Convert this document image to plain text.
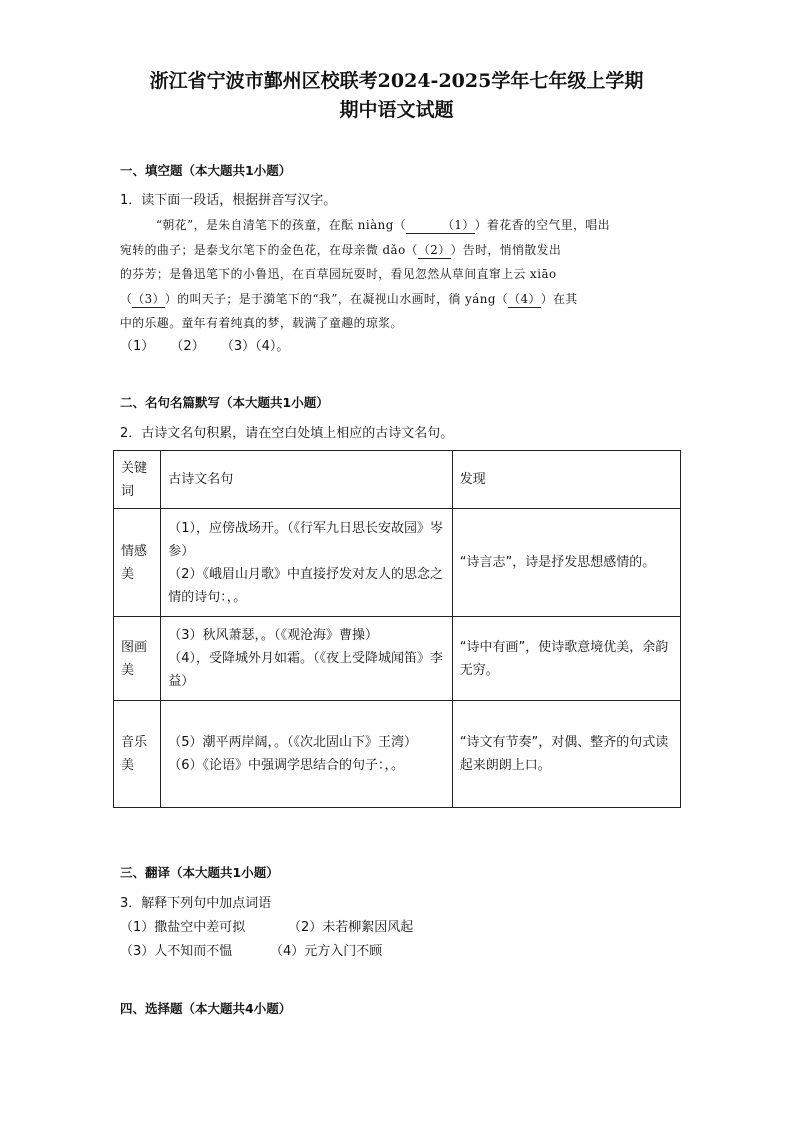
浙江省宁波市鄞州区校联考2024-2025学年七年级上学期
期中语文试题
一、填空题（本大题共1小题）
1．读下面一段话，根据拼音写汉字。

“朝花”，是朱自清笔下的孩童，在酝 niàng（	（1））着花香的空气里，唱出

宛转的曲子；是泰戈尔笔下的金色花，在母亲微 dǎo（（2））告时，悄悄散发出

的芬芳；是鲁迅笔下的小鲁迅，在百草园玩耍时，看见忽然从草间直窜上云 xiāo

（（3））的叫天子；是于漪笔下的“我”，在凝视山水画时，徜 yáng（（4））在其

中的乐趣。童年有着纯真的梦，载满了童趣的琼浆。

（1） （2） （3）（4）。
二、名句名篇默写（本大题共1小题）
2．古诗文名句积累，请在空白处填上相应的古诗文名句。
关键词	古诗文名句	发现
情感美	（1），应傍战场开。（《行军九日思长安故园》岑参）
（2）《峨眉山月歌》中直接抒发对友人的思念之情的诗句：，。	“诗言志”，诗是抒发思想感情的。
图画美	（3）秋风萧瑟，。（《观沧海》曹操）
（4），受降城外月如霜。（《夜上受降城闻笛》李益）	“诗中有画”，使诗歌意境优美，余韵无穷。
音乐美	（5）潮平两岸阔，。（《次北固山下》王湾）
（6）《论语》中强调学思结合的句子：，。	“诗文有节奏”，对偶、整齐的句式读起来朗朗上口。
三、翻译（本大题共1小题）
3．解释下列句中加点词语
（1）撒盐空中差可拟	（2）未若柳絮因风起
（3）人不知而不愠	（4）元方入门不顾
四、选择题（本大题共4小题）
